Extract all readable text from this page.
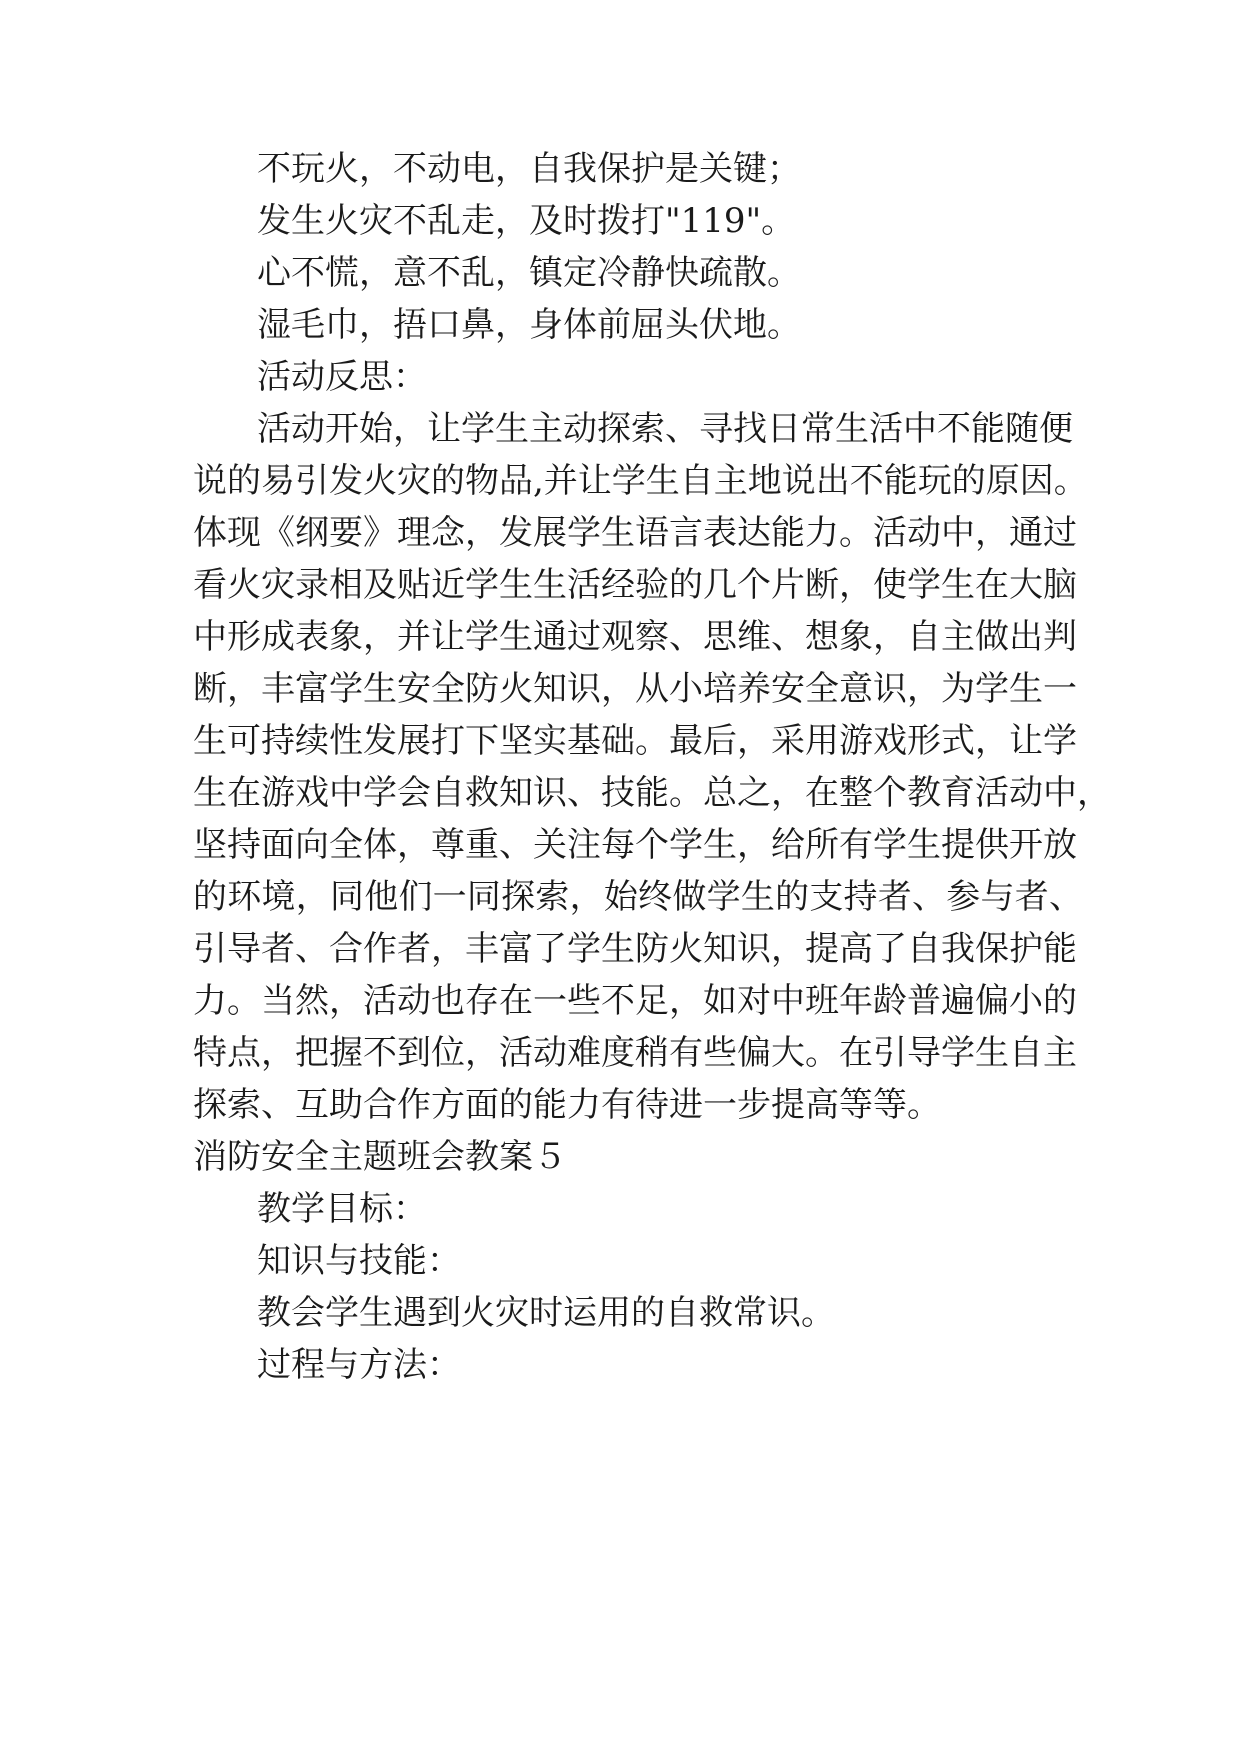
不玩火，不动电，自我保护是关键；

发生火灾不乱走，及时拨打"119"。

心不慌，意不乱，镇定冷静快疏散。

湿毛巾，捂口鼻，身体前屈头伏地。

活动反思：

活动开始，让学生主动探索、寻找日常生活中不能随便

说的易引发火灾的物品,并让学生自主地说出不能玩的原因。

体现《纲要》理念，发展学生语言表达能力。活动中，通过

看火灾录相及贴近学生生活经验的几个片断，使学生在大脑

中形成表象，并让学生通过观察、思维、想象，自主做出判

断，丰富学生安全防火知识，从小培养安全意识，为学生一

生可持续性发展打下坚实基础。最后，采用游戏形式，让学

生在游戏中学会自救知识、技能。总之，在整个教育活动中，

坚持面向全体，尊重、关注每个学生，给所有学生提供开放

的环境，同他们一同探索，始终做学生的支持者、参与者、

引导者、合作者，丰富了学生防火知识，提高了自我保护能

力。当然，活动也存在一些不足，如对中班年龄普遍偏小的

特点，把握不到位，活动难度稍有些偏大。在引导学生自主

探索、互助合作方面的能力有待进一步提高等等。

消防安全主题班会教案５

教学目标：

知识与技能：

教会学生遇到火灾时运用的自救常识。

过程与方法：
